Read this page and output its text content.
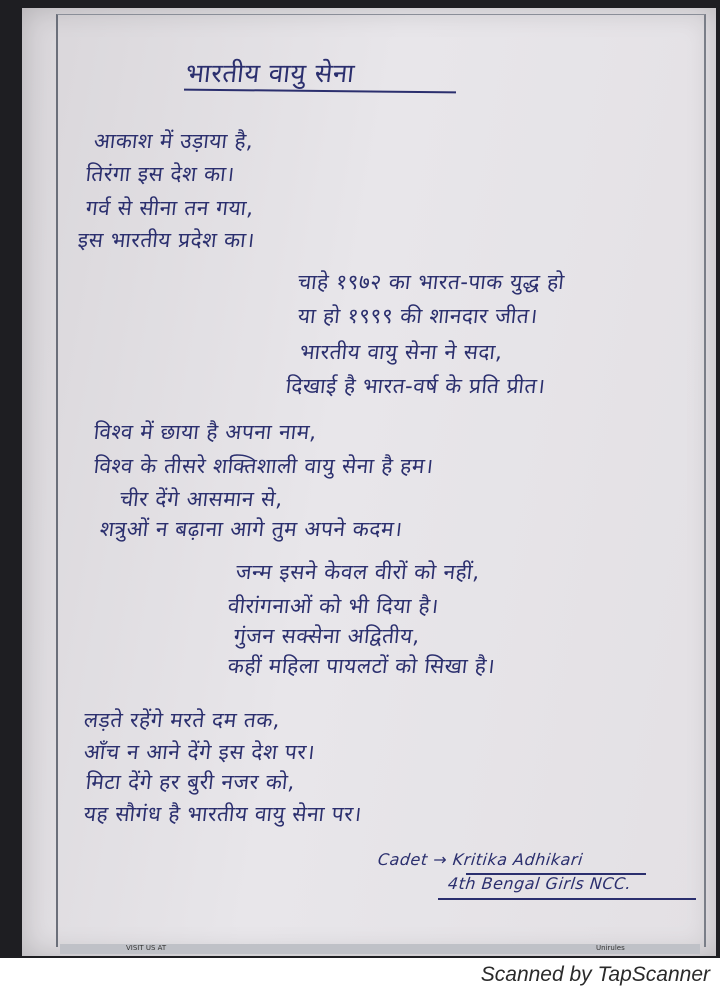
भारतीय वायु सेना
आकाश में उड़ाया है,
तिरंगा इस देश का।
गर्व से सीना तन गया,
इस भारतीय प्रदेश का।
चाहे १९७२ का भारत-पाक युद्ध हो
या हो १९९९ की शानदार जीत।
भारतीय वायु सेना ने सदा,
दिखाई है भारत-वर्ष के प्रति प्रीत।
विश्व में छाया है अपना नाम,
विश्व के तीसरे शक्तिशाली वायु सेना है हम।
चीर देंगे आसमान से,
शत्रुओं न बढ़ाना आगे तुम अपने कदम।
जन्म इसने केवल वीरों को नहीं,
वीरांगनाओं को भी दिया है।
गुंजन सक्सेना अद्वितीय,
कहीं महिला पायलटों को सिखा है।
लड़ते रहेंगे मरते दम तक,
आँच न आने देंगे इस देश पर।
मिटा देंगे हर बुरी नजर को,
यह सौगंध है भारतीय वायु सेना पर।
Cadet → Kritika Adhikari
4th Bengal Girls NCC.
VISIT US AT	Unirules
Scanned by TapScanner
